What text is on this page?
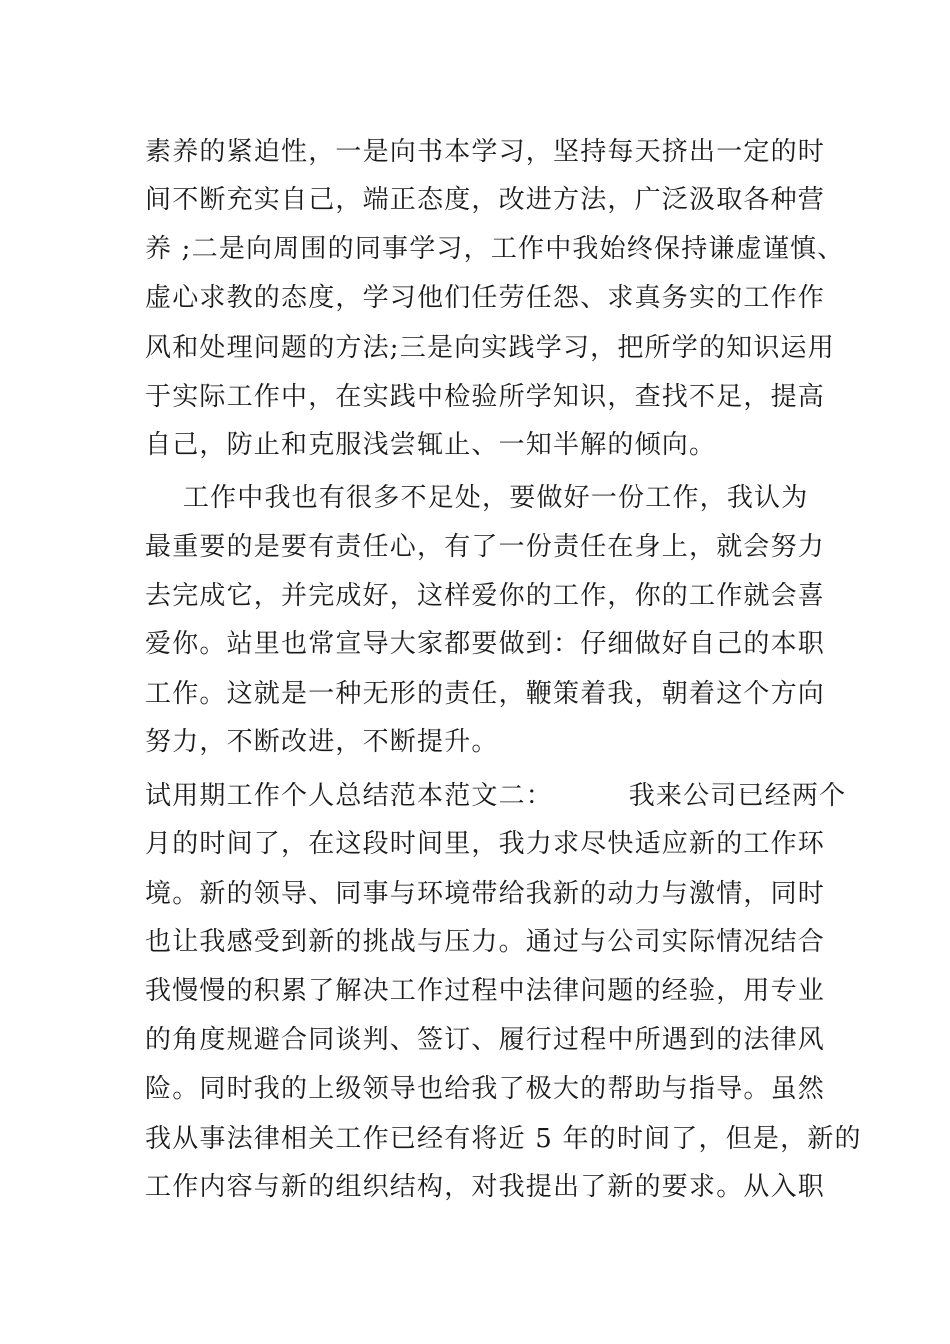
素养的紧迫性，一是向书本学习，坚持每天挤出一定的时
间不断充实自己，端正态度，改进方法，广泛汲取各种营
养 ;二是向周围的同事学习，工作中我始终保持谦虚谨慎、
虚心求教的态度，学习他们任劳任怨、求真务实的工作作
风和处理问题的方法;三是向实践学习，把所学的知识运用
于实际工作中，在实践中检验所学知识，查找不足，提高
自己，防止和克服浅尝辄止、一知半解的倾向。
工作中我也有很多不足处，要做好一份工作，我认为
最重要的是要有责任心，有了一份责任在身上，就会努力
去完成它，并完成好，这样爱你的工作，你的工作就会喜
爱你。站里也常宣导大家都要做到：仔细做好自己的本职
工作。这就是一种无形的责任，鞭策着我，朝着这个方向
努力，不断改进，不断提升。
试用期工作个人总结范本范文二：        我来公司已经两个
月的时间了，在这段时间里，我力求尽快适应新的工作环
境。新的领导、同事与环境带给我新的动力与激情，同时
也让我感受到新的挑战与压力。通过与公司实际情况结合
我慢慢的积累了解决工作过程中法律问题的经验，用专业
的角度规避合同谈判、签订、履行过程中所遇到的法律风
险。同时我的上级领导也给我了极大的帮助与指导。虽然
我从事法律相关工作已经有将近 5 年的时间了，但是，新的
工作内容与新的组织结构，对我提出了新的要求。从入职
